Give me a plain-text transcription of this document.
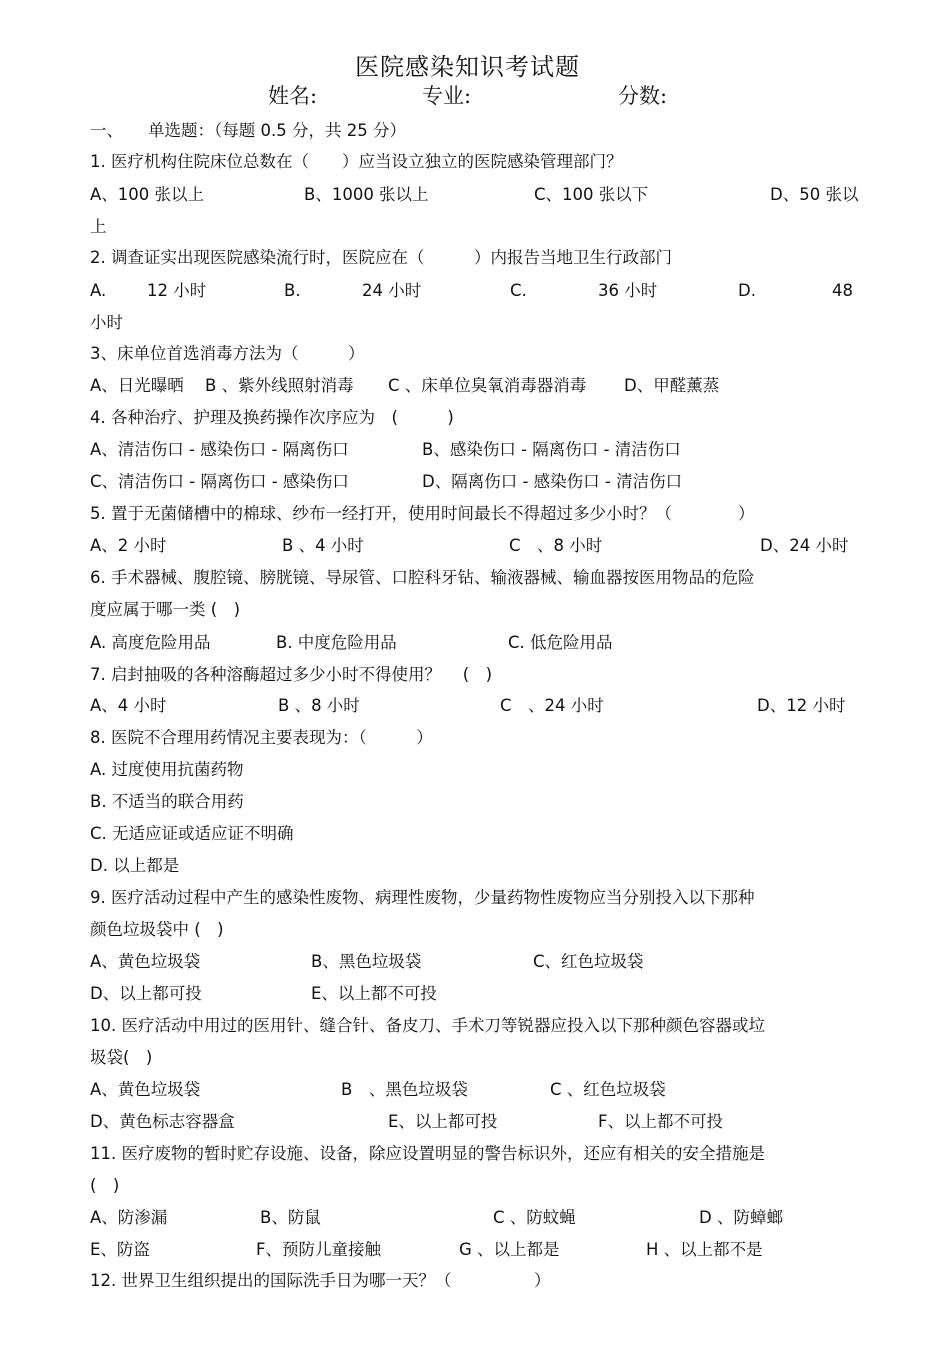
医院感染知识考试题
姓名:	专业:	分数:
一、 单选题：（每题 0.5 分，共 25 分）
1. 医疗机构住院床位总数在（　　）应当设立独立的医院感染管理部门？
A、100 张以上	B、1000 张以上	C、100 张以下	D、50 张以
上
2. 调查证实出现医院感染流行时，医院应在（　　　）内报告当地卫生行政部门
A. 12 小时	B.	24 小时	C.	36 小时	D.	48
小时
3、床单位首选消毒方法为（　　　）
A、日光曝晒 B 、紫外线照射消毒 C 、床单位臭氧消毒器消毒 D、甲醛薰蒸
4. 各种治疗、护理及换药操作次序应为　(　　　)
A、清洁伤口 - 感染伤口 - 隔离伤口	B、感染伤口 - 隔离伤口 - 清洁伤口
C、清洁伤口 - 隔离伤口 - 感染伤口	D、隔离伤口 - 感染伤口 - 清洁伤口
5. 置于无菌储槽中的棉球、纱布一经打开，使用时间最长不得超过多少小时？（　　　　）
A、2 小时	B 、4 小时	C　、8 小时	D、24 小时
6. 手术器械、腹腔镜、膀胱镜、导尿管、口腔科牙钻、输液器械、输血器按医用物品的危险
度应属于哪一类 (　)
A. 高度危险用品	B. 中度危险用品	C. 低危险用品
7. 启封抽吸的各种溶酶超过多少小时不得使用？　 (　)
A、4 小时	B 、8 小时	C　、24 小时	D、12 小时
8. 医院不合理用药情况主要表现为：（　　　）
A. 过度使用抗菌药物
B. 不适当的联合用药
C. 无适应证或适应证不明确
D. 以上都是
9. 医疗活动过程中产生的感染性废物、病理性废物，少量药物性废物应当分别投入以下那种
颜色垃圾袋中 (　)
A、黄色垃圾袋	B、黑色垃圾袋	C、红色垃圾袋
D、以上都可投	E、以上都不可投
10. 医疗活动中用过的医用针、缝合针、备皮刀、手术刀等锐器应投入以下那种颜色容器或垃
圾袋(　)
A、黄色垃圾袋	B　、黑色垃圾袋	C 、红色垃圾袋
D、黄色标志容器盒	E、以上都可投	F、以上都不可投
11. 医疗废物的暂时贮存设施、设备，除应设置明显的警告标识外，还应有相关的安全措施是
(　)
A、防渗漏	B、防鼠	C 、防蚊蝇	D 、防蟑螂
E、防盗	F、预防儿童接触	G 、以上都是	H 、以上都不是
12. 世界卫生组织提出的国际洗手日为哪一天？（　　　　　）
